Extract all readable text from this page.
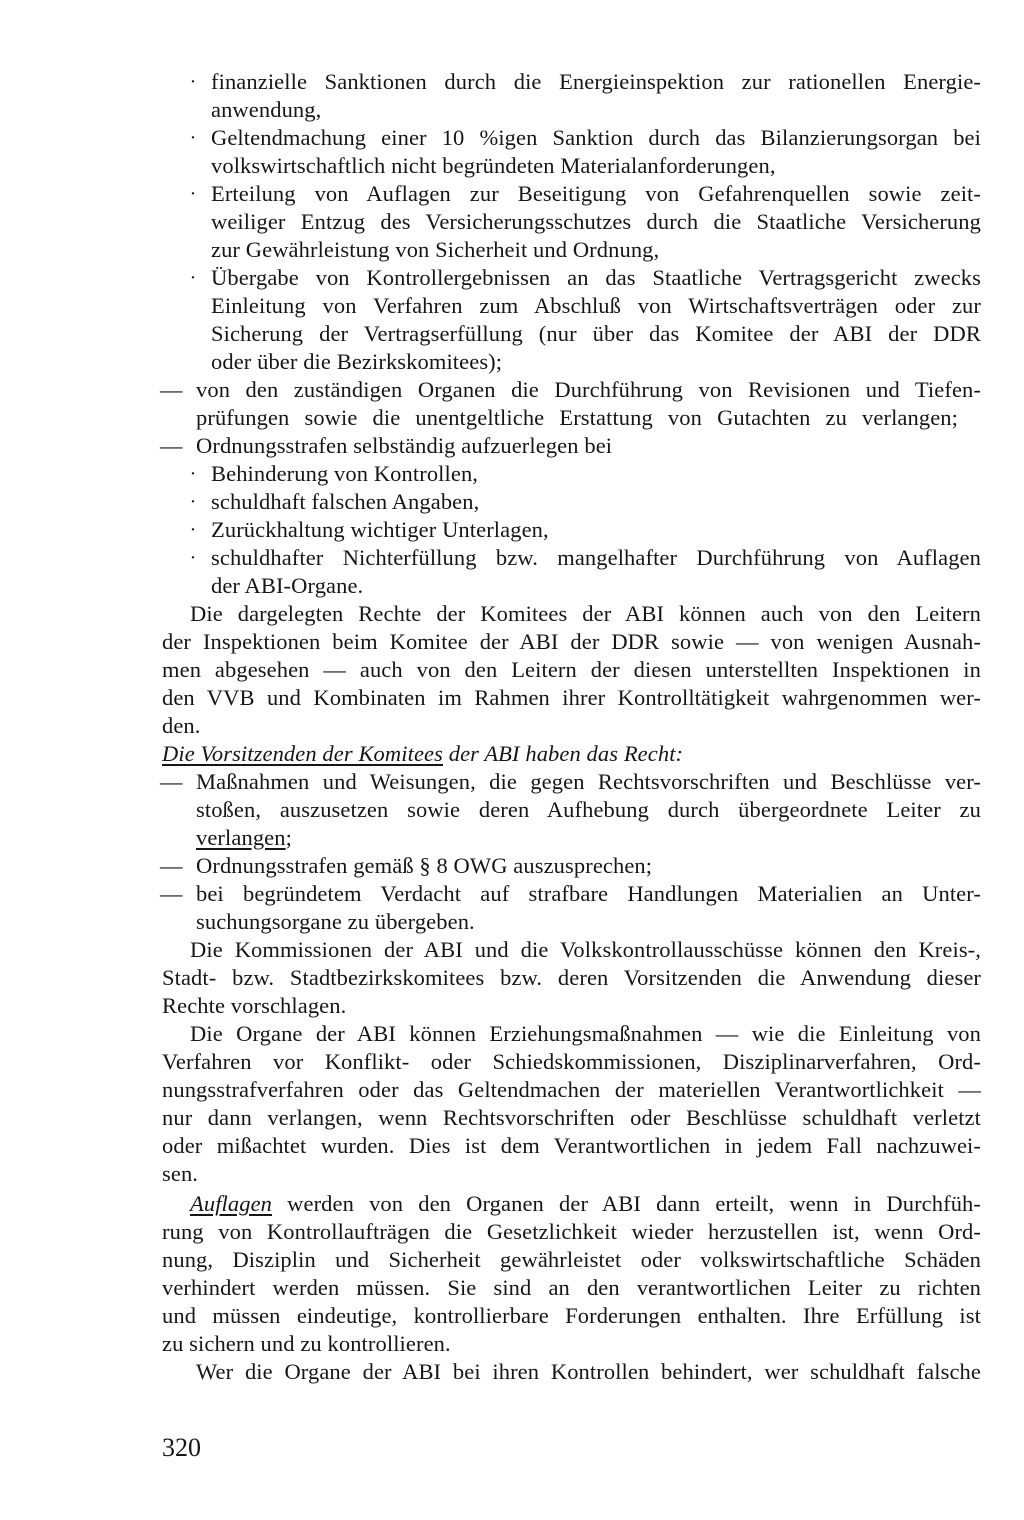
· finanzielle Sanktionen durch die Energieinspektion zur rationellen Energie-
anwendung,
· Geltendmachung einer 10 %igen Sanktion durch das Bilanzierungsorgan bei
volkswirtschaftlich nicht begründeten Materialanforderungen,
· Erteilung von Auflagen zur Beseitigung von Gefahrenquellen sowie zeit-
weiliger Entzug des Versicherungsschutzes durch die Staatliche Versicherung
zur Gewährleistung von Sicherheit und Ordnung,
· Übergabe von Kontrollergebnissen an das Staatliche Vertragsgericht zwecks
Einleitung von Verfahren zum Abschluß von Wirtschaftsverträgen oder zur
Sicherung der Vertragserfüllung (nur über das Komitee der ABI der DDR
oder über die Bezirkskomitees);
— von den zuständigen Organen die Durchführung von Revisionen und Tiefen-
prüfungen sowie die unentgeltliche Erstattung von Gutachten zu verlangen;
— Ordnungsstrafen selbständig aufzuerlegen bei
· Behinderung von Kontrollen,
· schuldhaft falschen Angaben,
· Zurückhaltung wichtiger Unterlagen,
· schuldhafter Nichterfüllung bzw. mangelhafter Durchführung von Auflagen
der ABI-Organe.
Die dargelegten Rechte der Komitees der ABI können auch von den Leitern
der Inspektionen beim Komitee der ABI der DDR sowie — von wenigen Ausnah-
men abgesehen — auch von den Leitern der diesen unterstellten Inspektionen in
den VVB und Kombinaten im Rahmen ihrer Kontrolltätigkeit wahrgenommen wer-
den.
Die Vorsitzenden der Komitees der ABI haben das Recht:
— Maßnahmen und Weisungen, die gegen Rechtsvorschriften und Beschlüsse ver-
stoßen, auszusetzen sowie deren Aufhebung durch übergeordnete Leiter zu
verlangen;
— Ordnungsstrafen gemäß § 8 OWG auszusprechen;
— bei begründetem Verdacht auf strafbare Handlungen Materialien an Unter-
suchungsorgane zu übergeben.
Die Kommissionen der ABI und die Volkskontrollausschüsse können den Kreis-,
Stadt- bzw. Stadtbezirkskomitees bzw. deren Vorsitzenden die Anwendung dieser
Rechte vorschlagen.
Die Organe der ABI können Erziehungsmaßnahmen — wie die Einleitung von
Verfahren vor Konflikt- oder Schiedskommissionen, Disziplinarverfahren, Ord-
nungsstrafverfahren oder das Geltendmachen der materiellen Verantwortlichkeit —
nur dann verlangen, wenn Rechtsvorschriften oder Beschlüsse schuldhaft verletzt
oder mißachtet wurden. Dies ist dem Verantwortlichen in jedem Fall nachzuwei-
sen.
Auflagen werden von den Organen der ABI dann erteilt, wenn in Durchfüh-
rung von Kontrollaufträgen die Gesetzlichkeit wieder herzustellen ist, wenn Ord-
nung, Disziplin und Sicherheit gewährleistet oder volkswirtschaftliche Schäden
verhindert werden müssen. Sie sind an den verantwortlichen Leiter zu richten
und müssen eindeutige, kontrollierbare Forderungen enthalten. Ihre Erfüllung ist
zu sichern und zu kontrollieren.
Wer die Organe der ABI bei ihren Kontrollen behindert, wer schuldhaft falsche
320
